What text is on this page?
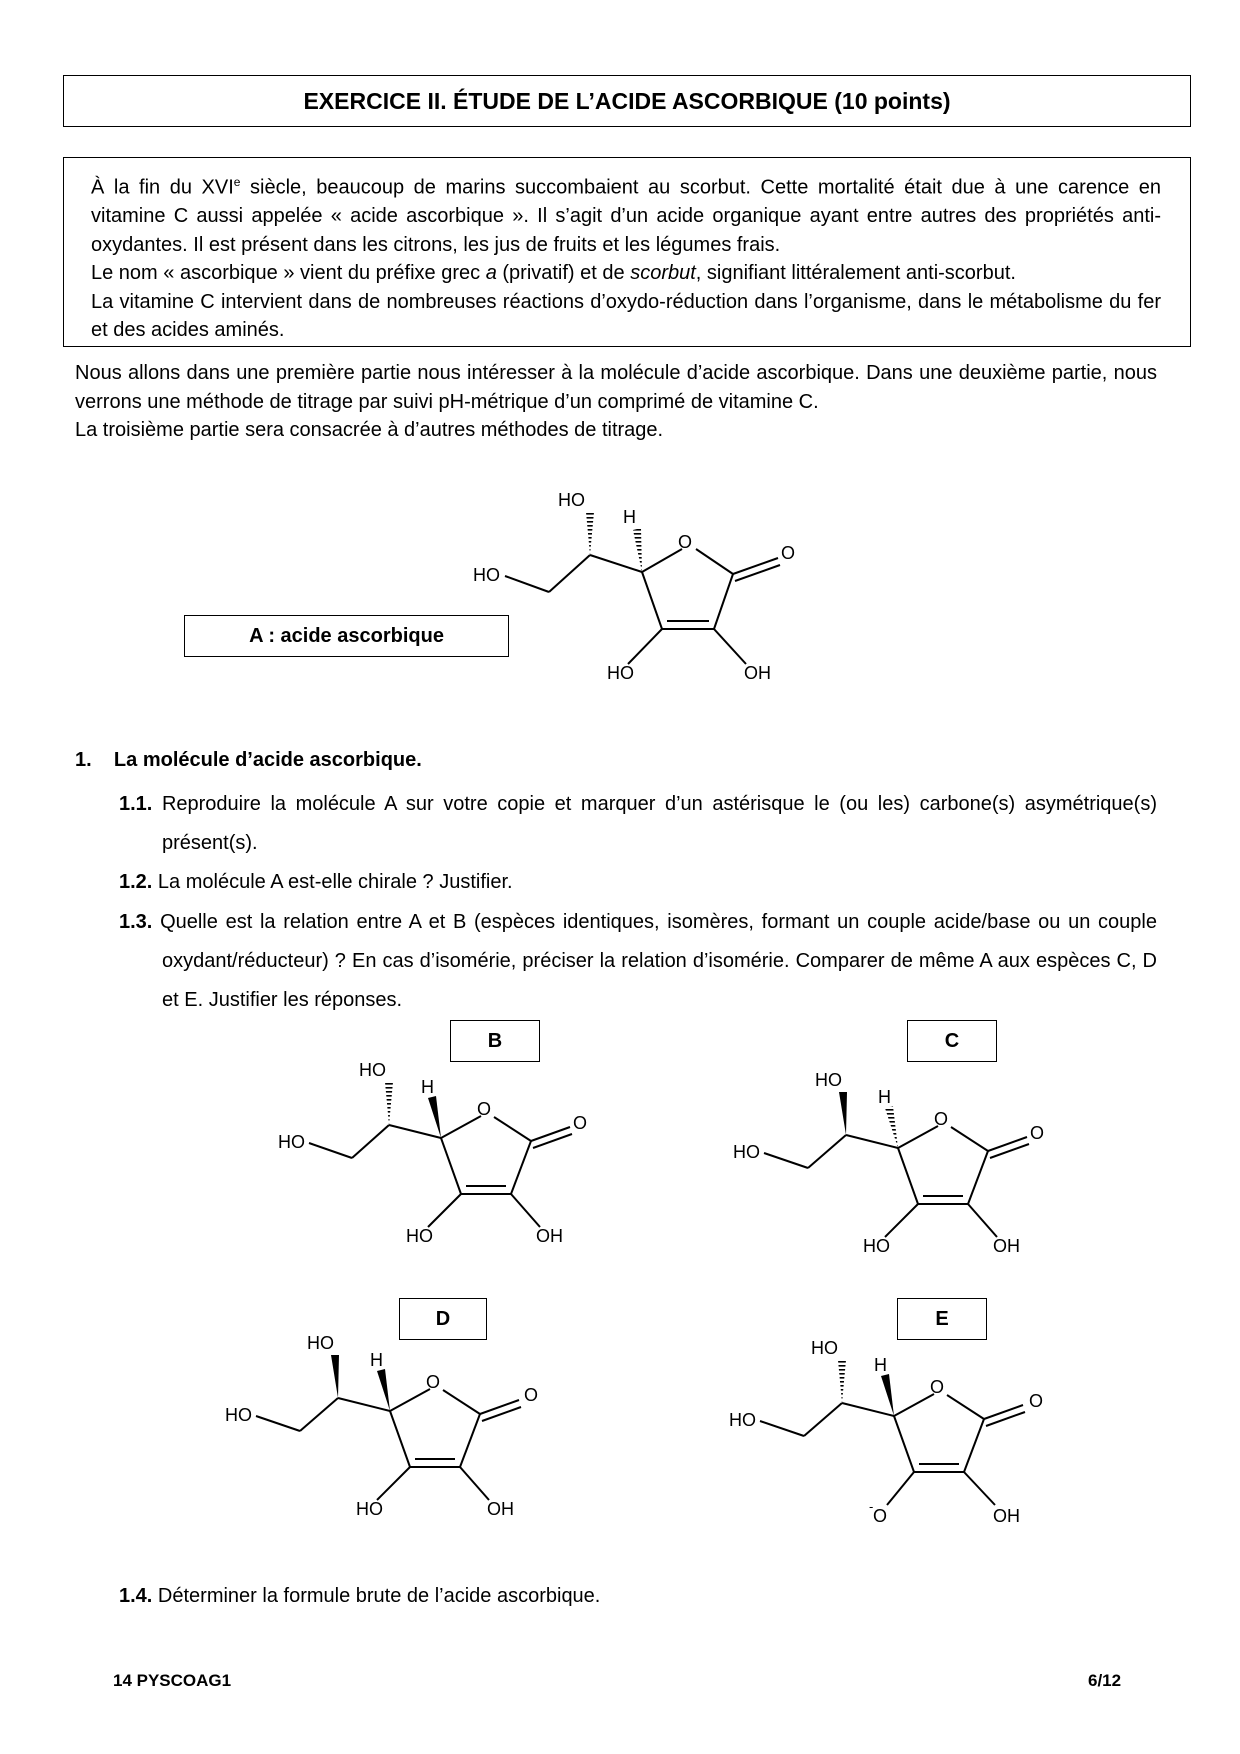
EXERCICE II. ÉTUDE DE L’ACIDE ASCORBIQUE (10 points)

À la fin du XVIe siècle, beaucoup de marins succombaient au scorbut. Cette mortalité était due à une carence en vitamine C aussi appelée « acide ascorbique ». Il s’agit d’un acide organique ayant entre autres des propriétés anti-oxydantes. Il est présent dans les citrons, les jus de fruits et les légumes frais.

Le nom « ascorbique » vient du préfixe grec a (privatif) et de scorbut, signifiant littéralement anti-scorbut.

La vitamine C intervient dans de nombreuses réactions d’oxydo-réduction dans l’organisme, dans le métabolisme du fer et des acides aminés.

Nous allons dans une première partie nous intéresser à la molécule d’acide ascorbique. Dans une deuxième partie, nous verrons une méthode de titrage par suivi pH-métrique d’un comprimé de vitamine C.
La troisième partie sera consacrée à d’autres méthodes de titrage.

A : acide ascorbique
HO
H
O
O
HO
HO	OH
1. La molécule d’acide ascorbique.
1.1. Reproduire la molécule A sur votre copie et marquer d’un astérisque le (ou les) carbone(s) asymétrique(s) présent(s).
1.2. La molécule A est-elle chirale ? Justifier.
1.3. Quelle est la relation entre A et B (espèces identiques, isomères, formant un couple acide/base ou un couple oxydant/réducteur) ? En cas d’isomérie, préciser la relation d’isomérie. Comparer de même A aux espèces C, D et E. Justifier les réponses.
B	C
D	E
HO
H
O
O
HO
HO	OH
HO
H
O
O
HO
HO	OH
HO
H
O
O
HO
HO	OH
HO
H
O
O
HO
- O	OH
1.4. Déterminer la formule brute de l’acide ascorbique.
14 PYSCOAG1	6/12
